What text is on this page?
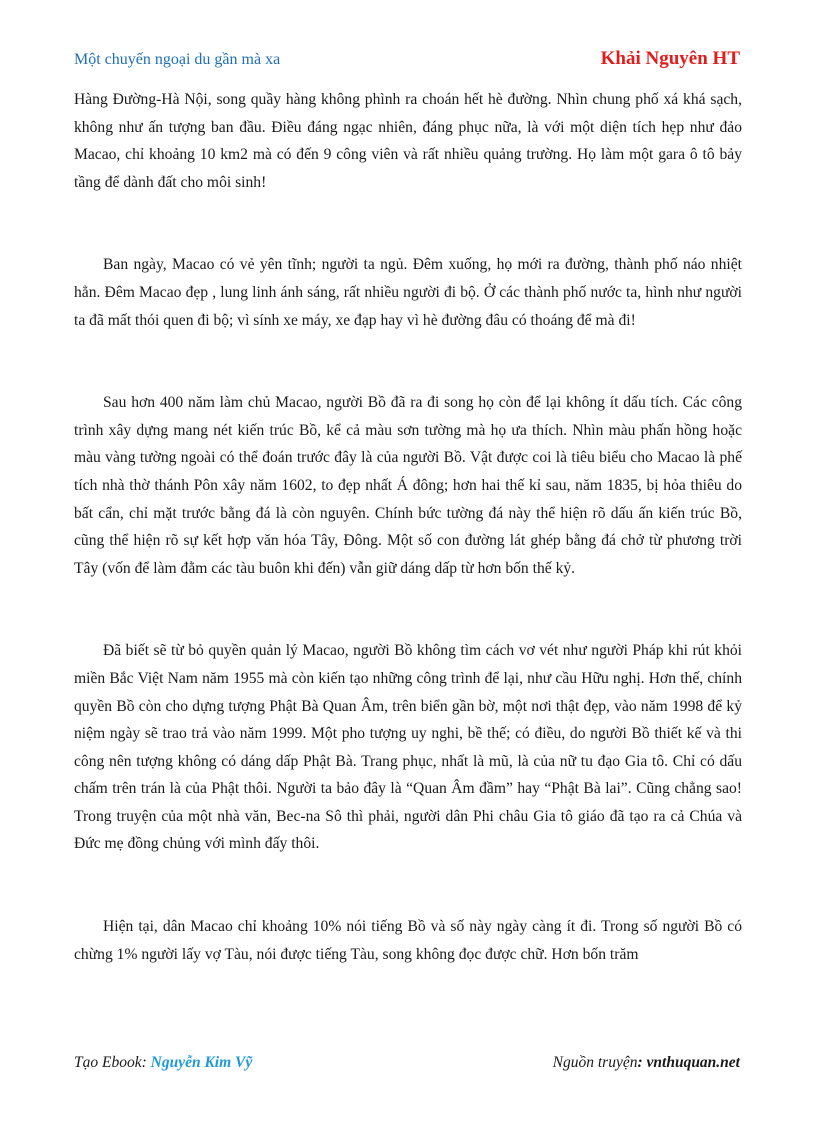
Một chuyến ngoại du gần mà xa	Khải Nguyên HT

Hàng Đường-Hà Nội, song quầy hàng không phình ra choán hết hè đường. Nhìn chung phố xá khá sạch, không như ấn tượng ban đầu. Điều đáng ngạc nhiên, đáng phục nữa, là với một diện tích hẹp như đảo Macao, chỉ khoảng 10 km2 mà có đến 9 công viên và rất nhiều quảng trường. Họ làm một gara ô tô bảy tầng để dành đất cho môi sinh!

Ban ngày, Macao có vẻ yên tĩnh; người ta ngủ. Đêm xuống, họ mới ra đường, thành phố náo nhiệt hẳn. Đêm Macao đẹp , lung linh ánh sáng, rất nhiều người đi bộ. Ở các thành phố nước ta, hình như người ta đã mất thói quen đi bộ; vì sính xe máy, xe đạp hay vì hè đường đâu có thoáng để mà đi!

Sau hơn 400 năm làm chủ Macao, người Bồ đã ra đi song họ còn để lại không ít dấu tích. Các công trình xây dựng mang nét kiến trúc Bồ, kể cả màu sơn tường mà họ ưa thích. Nhìn màu phấn hồng hoặc màu vàng tường ngoài có thể đoán trước đây là của người Bồ. Vật được coi là tiêu biểu cho Macao là phế tích nhà thờ thánh Pôn xây năm 1602, to đẹp nhất Á đông; hơn hai thế kỉ sau, năm 1835, bị hỏa thiêu do bất cẩn, chỉ mặt trước bằng đá là còn nguyên. Chính bức tường đá này thể hiện rõ dấu ấn kiến trúc Bồ, cũng thể hiện rõ sự kết hợp văn hóa Tây, Đông. Một số con đường lát ghép bằng đá chở từ phương trời Tây (vốn để làm đằm các tàu buôn khi đến) vẫn giữ dáng dấp từ hơn bốn thế kỷ.

Đã biết sẽ từ bỏ quyền quản lý Macao, người Bồ không tìm cách vơ vét như người Pháp khi rút khỏi miền Bắc Việt Nam năm 1955 mà còn kiến tạo những công trình để lại, như cầu Hữu nghị. Hơn thế, chính quyền Bồ còn cho dựng tượng Phật Bà Quan Âm, trên biển gần bờ, một nơi thật đẹp, vào năm 1998 để kỷ niệm ngày sẽ trao trả vào năm 1999. Một pho tượng uy nghi, bề thế; có điều, do người Bồ thiết kế và thi công nên tượng không có dáng dấp Phật Bà. Trang phục, nhất là mũ, là của nữ tu đạo Gia tô. Chỉ có dấu chấm trên trán là của Phật thôi. Người ta bảo đây là “Quan Âm đầm” hay “Phật Bà lai”. Cũng chẳng sao! Trong truyện của một nhà văn, Bec-na Sô thì phải, người dân Phi châu Gia tô giáo đã tạo ra cả Chúa và Đức mẹ đồng chủng với mình đấy thôi.

Hiện tại, dân Macao chỉ khoảng 10% nói tiếng Bồ và số này ngày càng ít đi. Trong số người Bồ có chừng 1% người lấy vợ Tàu, nói được tiếng Tàu, song không đọc được chữ. Hơn bốn trăm

Tạo Ebook: Nguyễn Kim Vỹ	Nguồn truyện: vnthuquan.net
